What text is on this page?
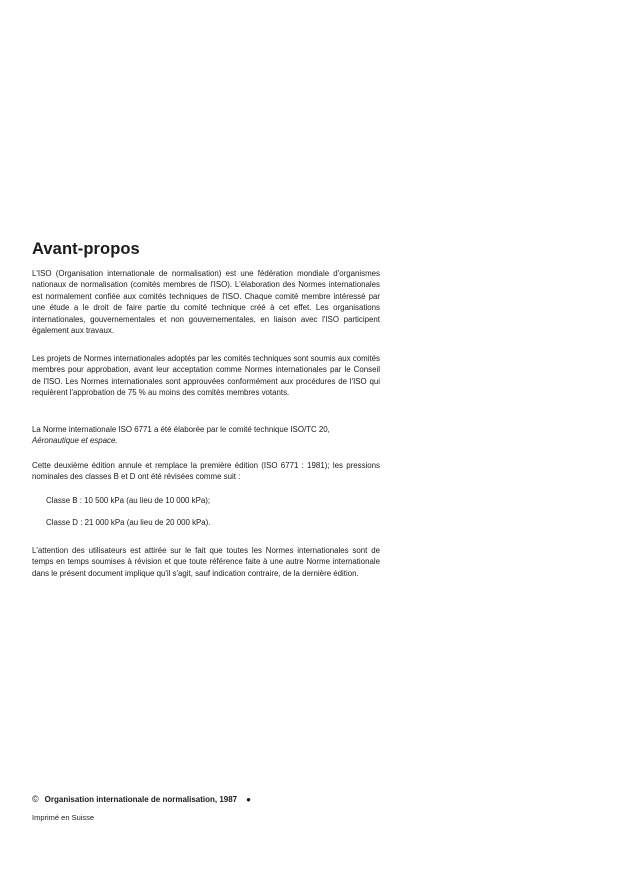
Avant-propos

L'ISO (Organisation internationale de normalisation) est une fédération mondiale d'organismes nationaux de normalisation (comités membres de l'ISO). L'élaboration des Normes internationales est normalement confiée aux comités techniques de l'ISO. Chaque comité membre intéressé par une étude a le droit de faire partie du comité technique créé à cet effet. Les organisations internationales, gouvernementales et non gouvernementales, en liaison avec l'ISO participent également aux travaux.

Les projets de Normes internationales adoptés par les comités techniques sont soumis aux comités membres pour approbation, avant leur acceptation comme Normes internationales par le Conseil de l'ISO. Les Normes internationales sont approuvées conformément aux procédures de l'ISO qui requièrent l'approbation de 75 % au moins des comités membres votants.

La Norme internationale ISO 6771 a été élaborée par le comité technique ISO/TC 20,
Aéronautique et espace.

Cette deuxième édition annule et remplace la première édition (ISO 6771 : 1981); les pressions nominales des classes B et D ont été révisées comme suit :

Classe B : 10 500 kPa (au lieu de 10 000 kPa);

Classe D : 21 000 kPa (au lieu de 20 000 kPa).

L'attention des utilisateurs est attirée sur le fait que toutes les Normes internationales sont de temps en temps soumises à révision et que toute référence faite à une autre Norme internationale dans le présent document implique qu'il s'agit, sauf indication contraire, de la dernière édition.

© Organisation internationale de normalisation, 1987 ●

Imprimé en Suisse
